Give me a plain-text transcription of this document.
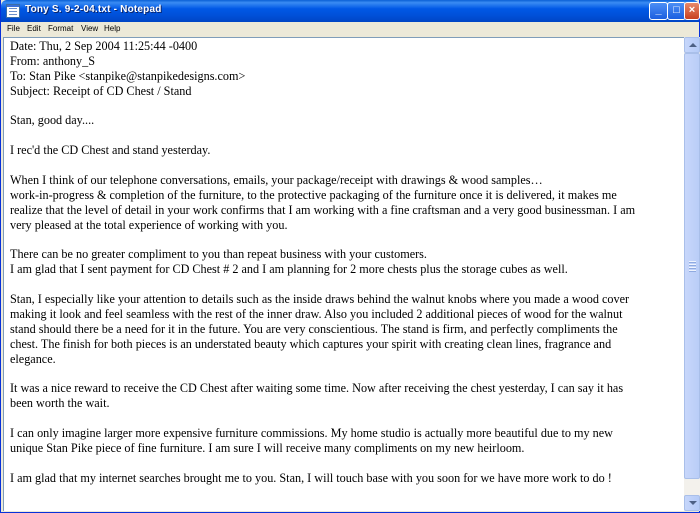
Tony S. 9-2-04.txt - Notepad	_	□ ×
File Edit Format View Help
Date: Thu, 2 Sep 2004 11:25:44 -0400
From: anthony_S
To: Stan Pike <stanpike@stanpikedesigns.com>
Subject: Receipt of CD Chest / Stand
Stan, good day....
I rec'd the CD Chest and stand yesterday.
When I think of our telephone conversations, emails, your package/receipt with drawings & wood samples…
work-in-progress & completion of the furniture, to the protective packaging of the furniture once it is delivered, it makes me
realize that the level of detail in your work confirms that I am working with a fine craftsman and a very good businessman. I am
very pleased at the total experience of working with you.
There can be no greater compliment to you than repeat business with your customers.
I am glad that I sent payment for CD Chest # 2 and I am planning for 2 more chests plus the storage cubes as well.
Stan, I especially like your attention to details such as the inside draws behind the walnut knobs where you made a wood cover
making it look and feel seamless with the rest of the inner draw. Also you included 2 additional pieces of wood for the walnut
stand should there be a need for it in the future. You are very conscientious. The stand is firm, and perfectly compliments the
chest. The finish for both pieces is an understated beauty which captures your spirit with creating clean lines, fragrance and
elegance.
It was a nice reward to receive the CD Chest after waiting some time. Now after receiving the chest yesterday, I can say it has
been worth the wait.
I can only imagine larger more expensive furniture commissions. My home studio is actually more beautiful due to my new
unique Stan Pike piece of fine furniture. I am sure I will receive many compliments on my new heirloom.
I am glad that my internet searches brought me to you. Stan, I will touch base with you soon for we have more work to do !
